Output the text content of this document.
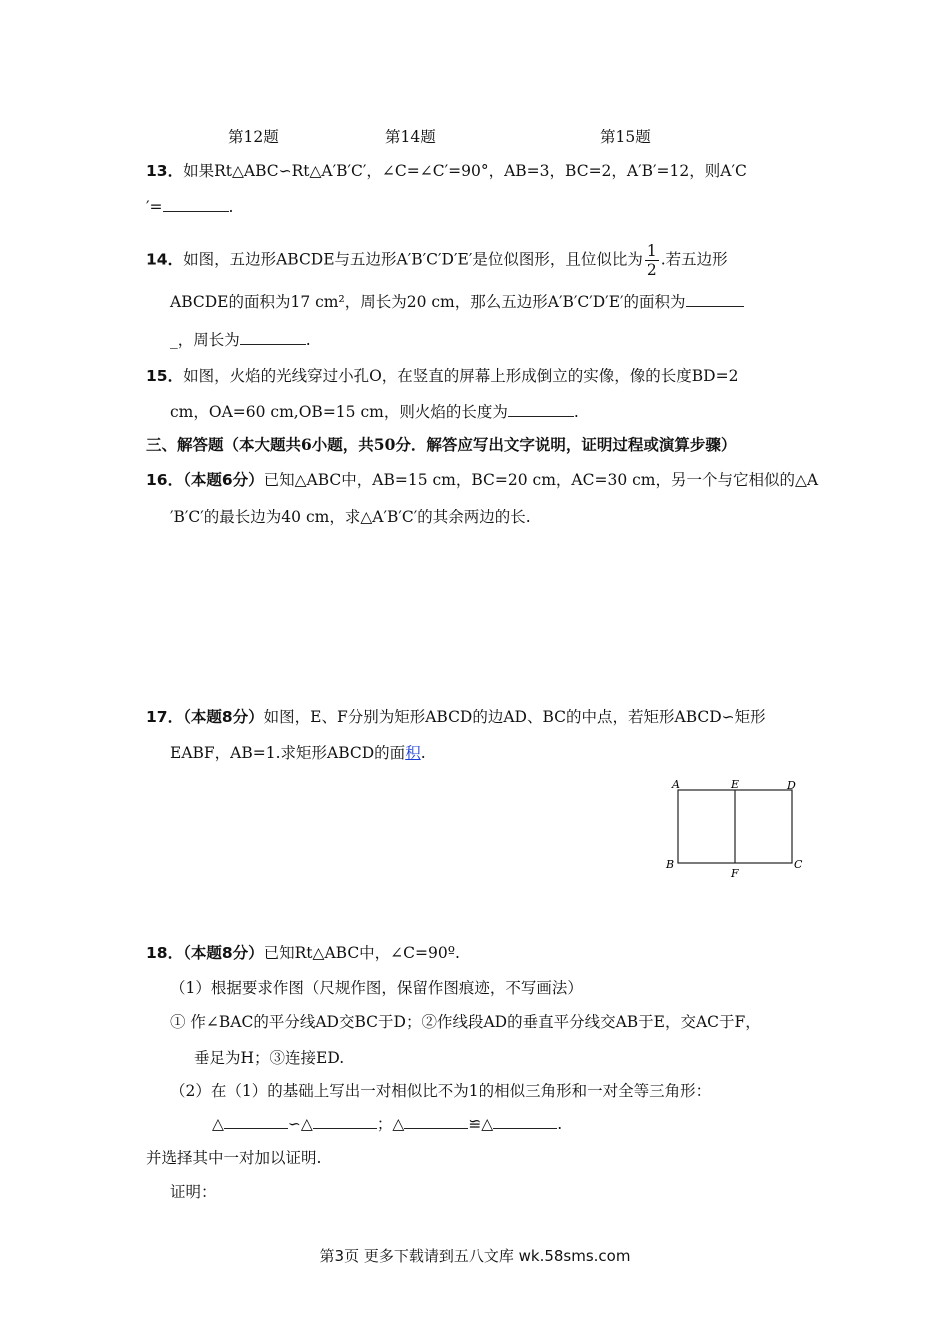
第12题	第14题	第15题
13．如果Rt△ABC∽Rt△A′B′C′，∠C=∠C′=90°，AB=3，BC=2，A′B′=12，则A′C
′=	.
14．如图，五边形ABCDE与五边形A′B′C′D′E′是位似图形，且位似比为 $\frac{1}{2}$ .若五边形
ABCDE的面积为17 cm²，周长为20 cm，那么五边形A′B′C′D′E′的面积为
_，周长为	.
15．如图，火焰的光线穿过小孔O，在竖直的屏幕上形成倒立的实像，像的长度BD=2
cm，OA=60 cm,OB=15 cm，则火焰的长度为	.
三、解答题（本大题共6小题，共50分．解答应写出文字说明，证明过程或演算步骤）
16．（本题6分）已知△ABC中，AB=15 cm，BC=20 cm，AC=30 cm，另一个与它相似的△A
′B′C′的最长边为40 cm，求△A′B′C′的其余两边的长.
17．（本题8分）如图，E、F分别为矩形ABCD的边AD、BC的中点，若矩形ABCD∽矩形
EABF，AB=1.求矩形ABCD的面积.
A	E	D
B
F
C
18．（本题8分）已知Rt△ABC中，∠C=90º.
（1）根据要求作图（尺规作图，保留作图痕迹，不写画法）
① 作∠BAC的平分线AD交BC于D；②作线段AD的垂直平分线交AB于E，交AC于F，
垂足为H；③连接ED.
（2）在（1）的基础上写出一对相似比不为1的相似三角形和一对全等三角形：
△	∽△	；△	≌△	.
并选择其中一对加以证明.
证明：
第3页 更多下载请到五八文库 wk.58sms.com
